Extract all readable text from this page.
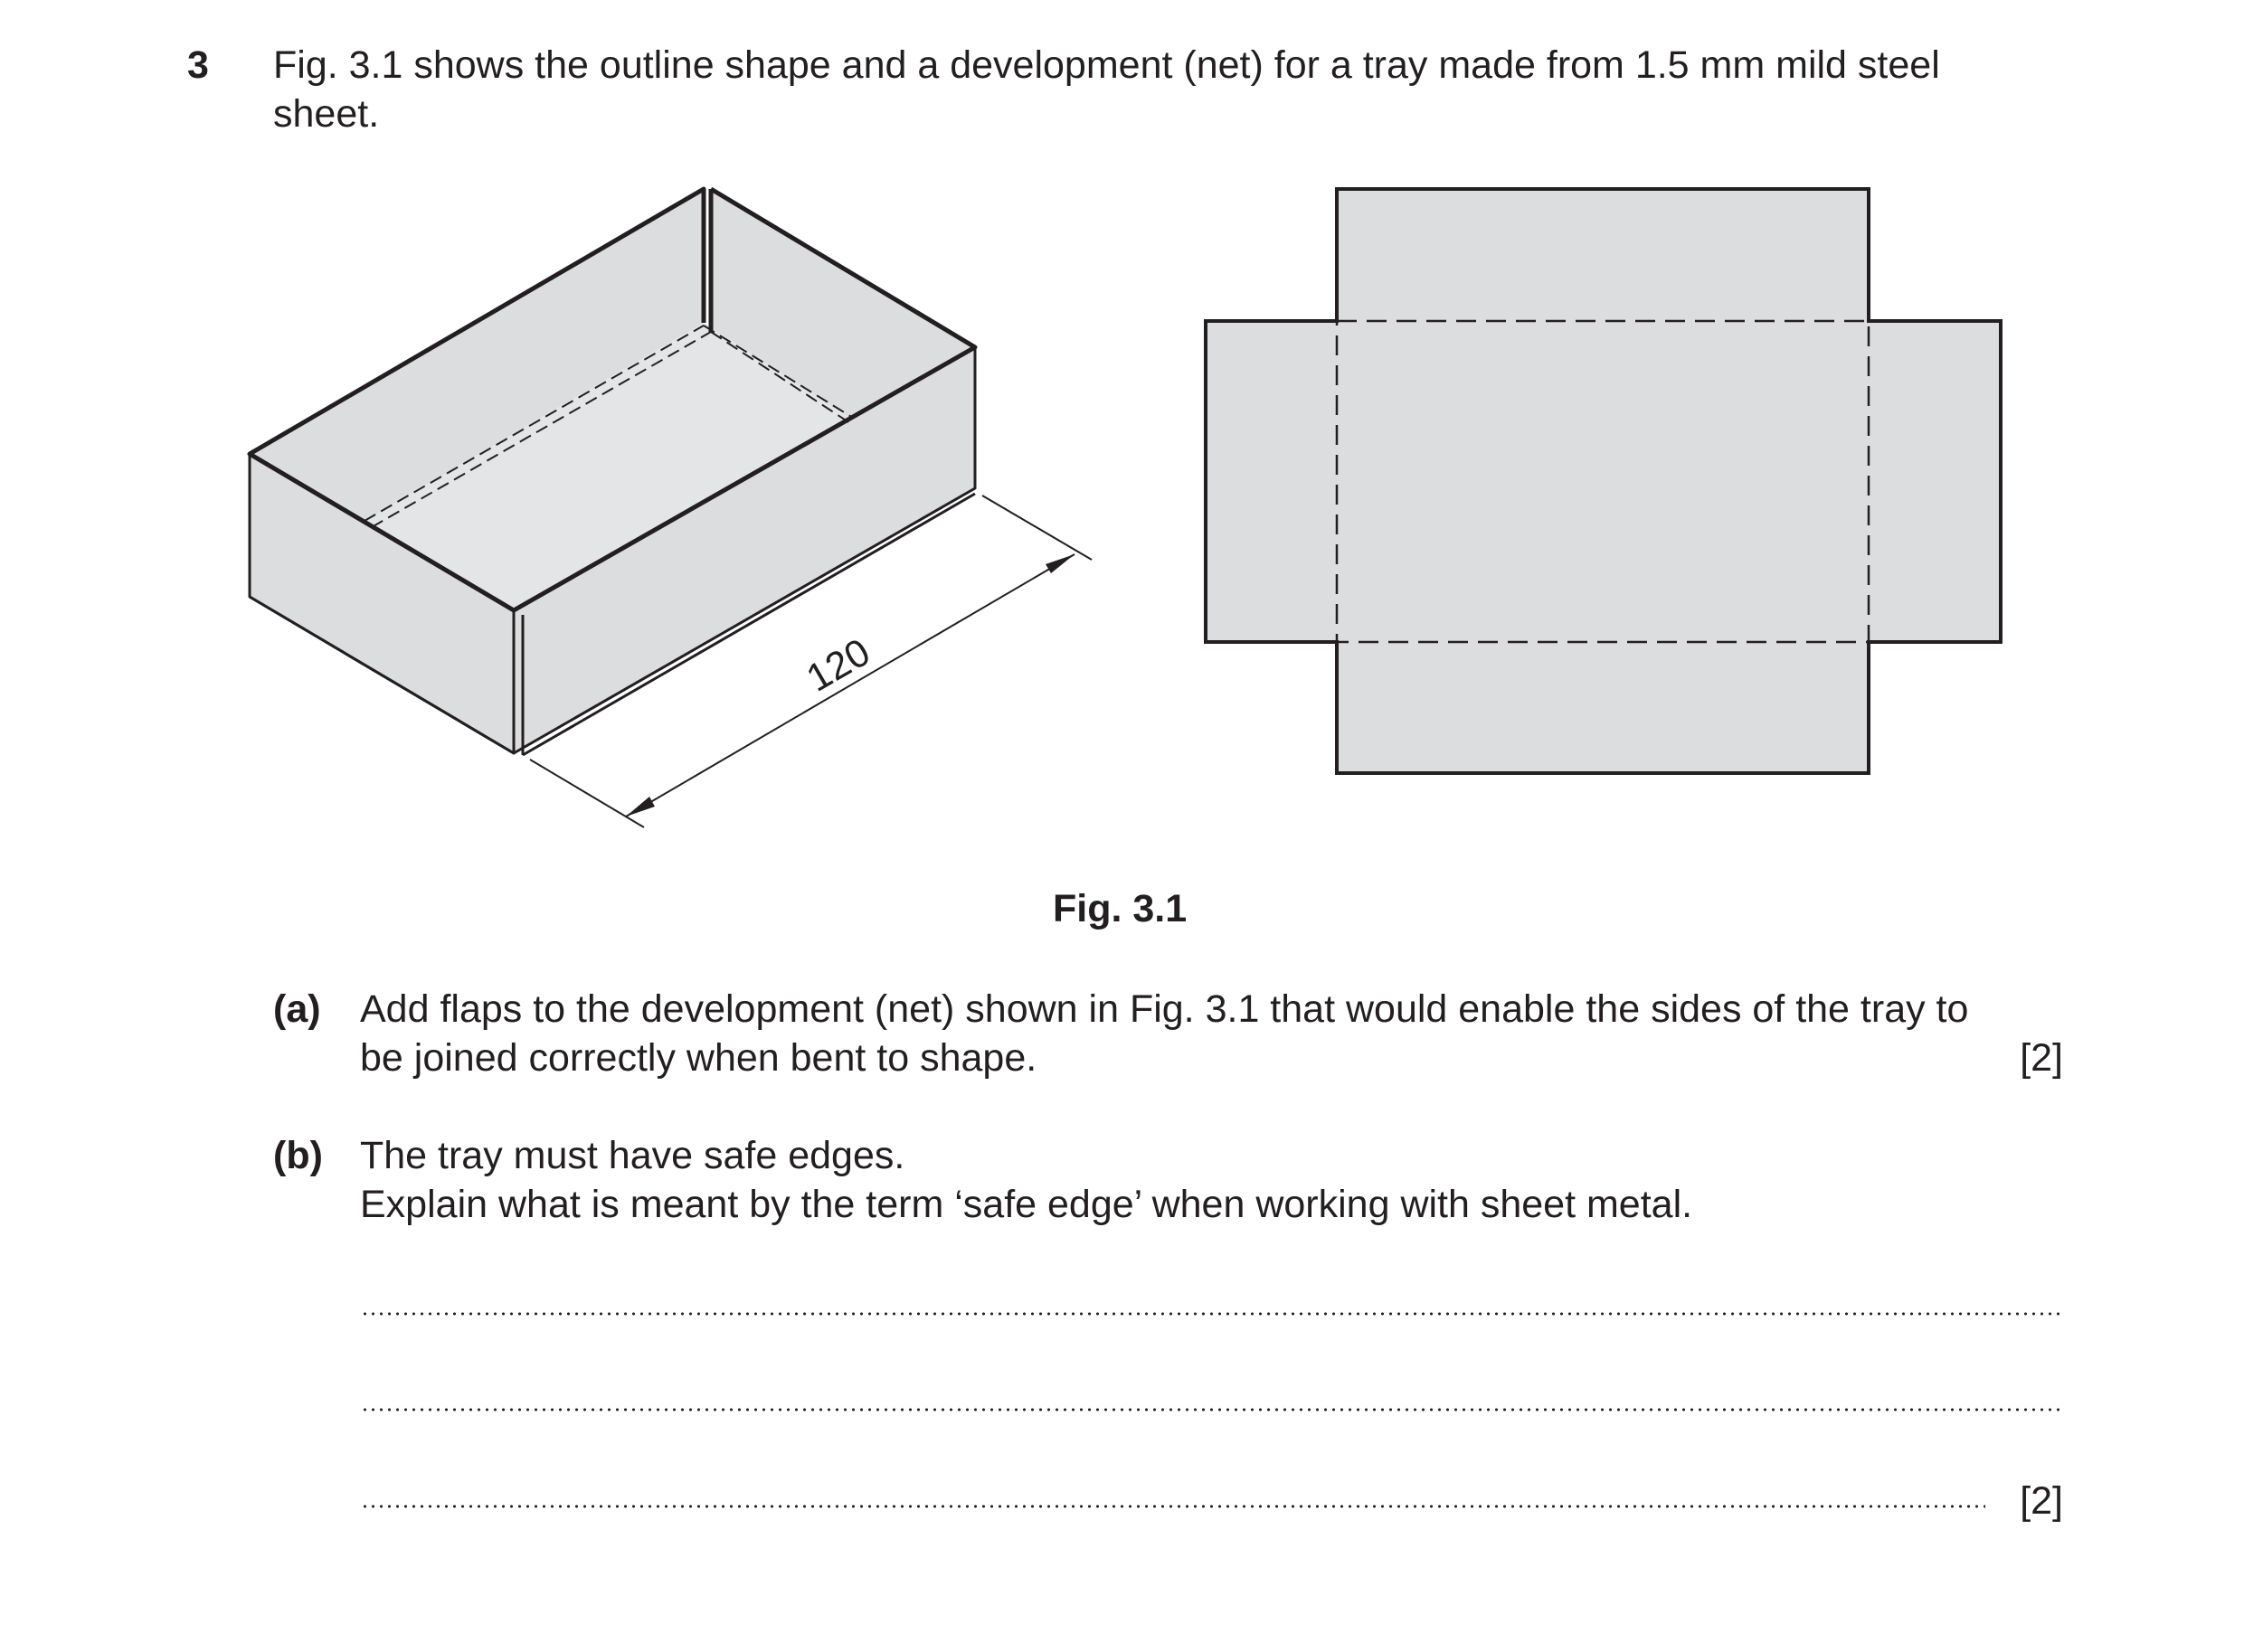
3 Fig. 3.1 shows the outline shape and a development (net) for a tray made from 1.5 mm mild steel
sheet.
120
Fig. 3.1
(a) Add flaps to the development (net) shown in Fig. 3.1 that would enable the sides of the tray to
be joined correctly when bent to shape.	[2]
(b) The tray must have safe edges.
Explain what is meant by the term ‘safe edge’ when working with sheet metal.
[2]
